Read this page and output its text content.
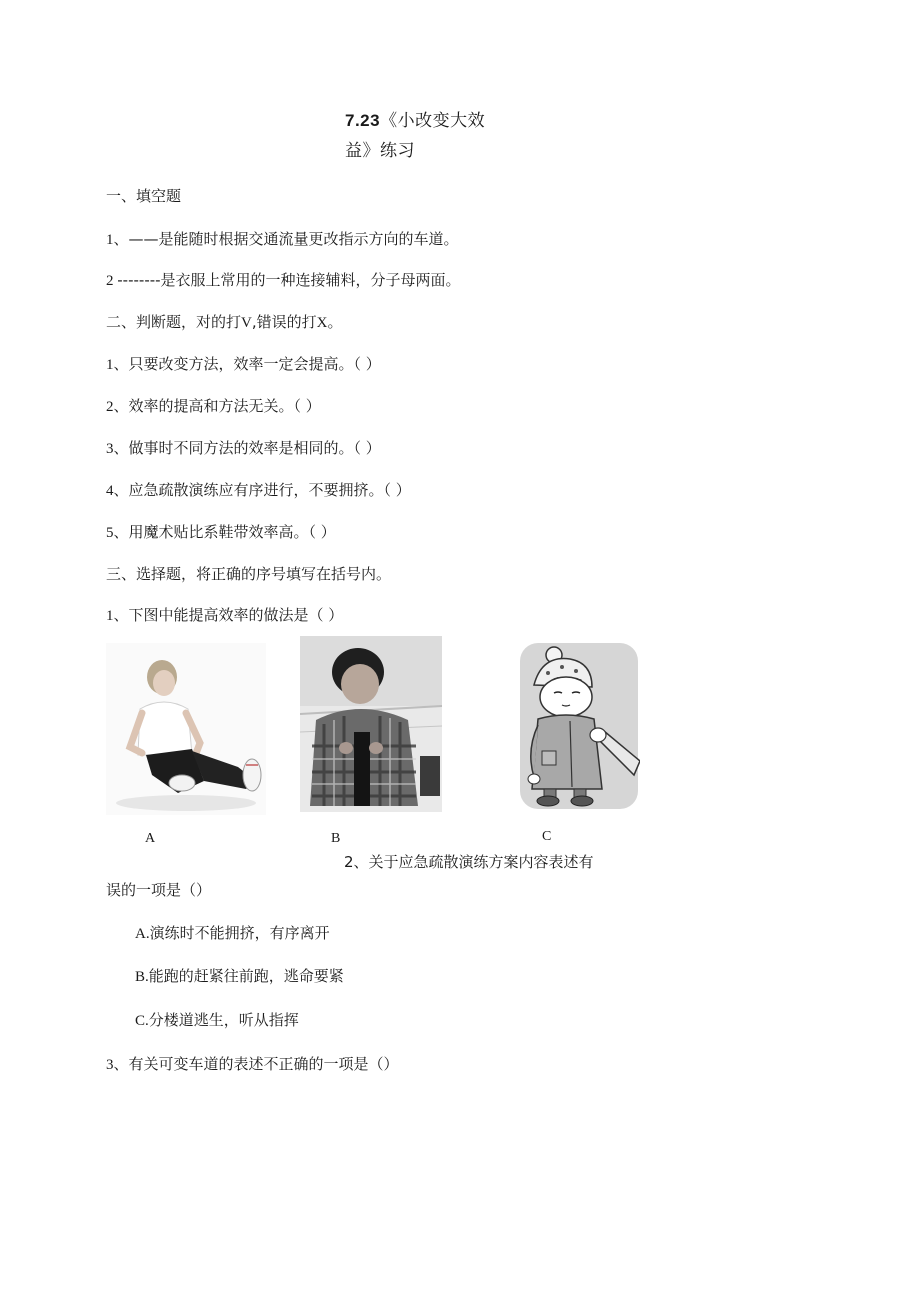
7.23《小改变大效
益》练习
一、填空题
1、——是能随时根据交通流量更改指示方向的车道。
2 --------是衣服上常用的一种连接辅料，分子母两面。
二、判断题，对的打V,错误的打X。
1、只要改变方法，效率一定会提高。（ ）
2、效率的提高和方法无关。（ ）
3、做事时不同方法的效率是相同的。（ ）
4、应急疏散演练应有序进行，不要拥挤。（ ）
5、用魔术贴比系鞋带效率高。（ ）
三、选择题，将正确的序号填写在括号内。
1、下图中能提高效率的做法是（ ）
A	B	C
2、关于应急疏散演练方案内容表述有
误的一项是（）
A.演练时不能拥挤，有序离开
B.能跑的赶紧往前跑，逃命要紧
C.分楼道逃生，听从指挥
3、有关可变车道的表述不正确的一项是（）
